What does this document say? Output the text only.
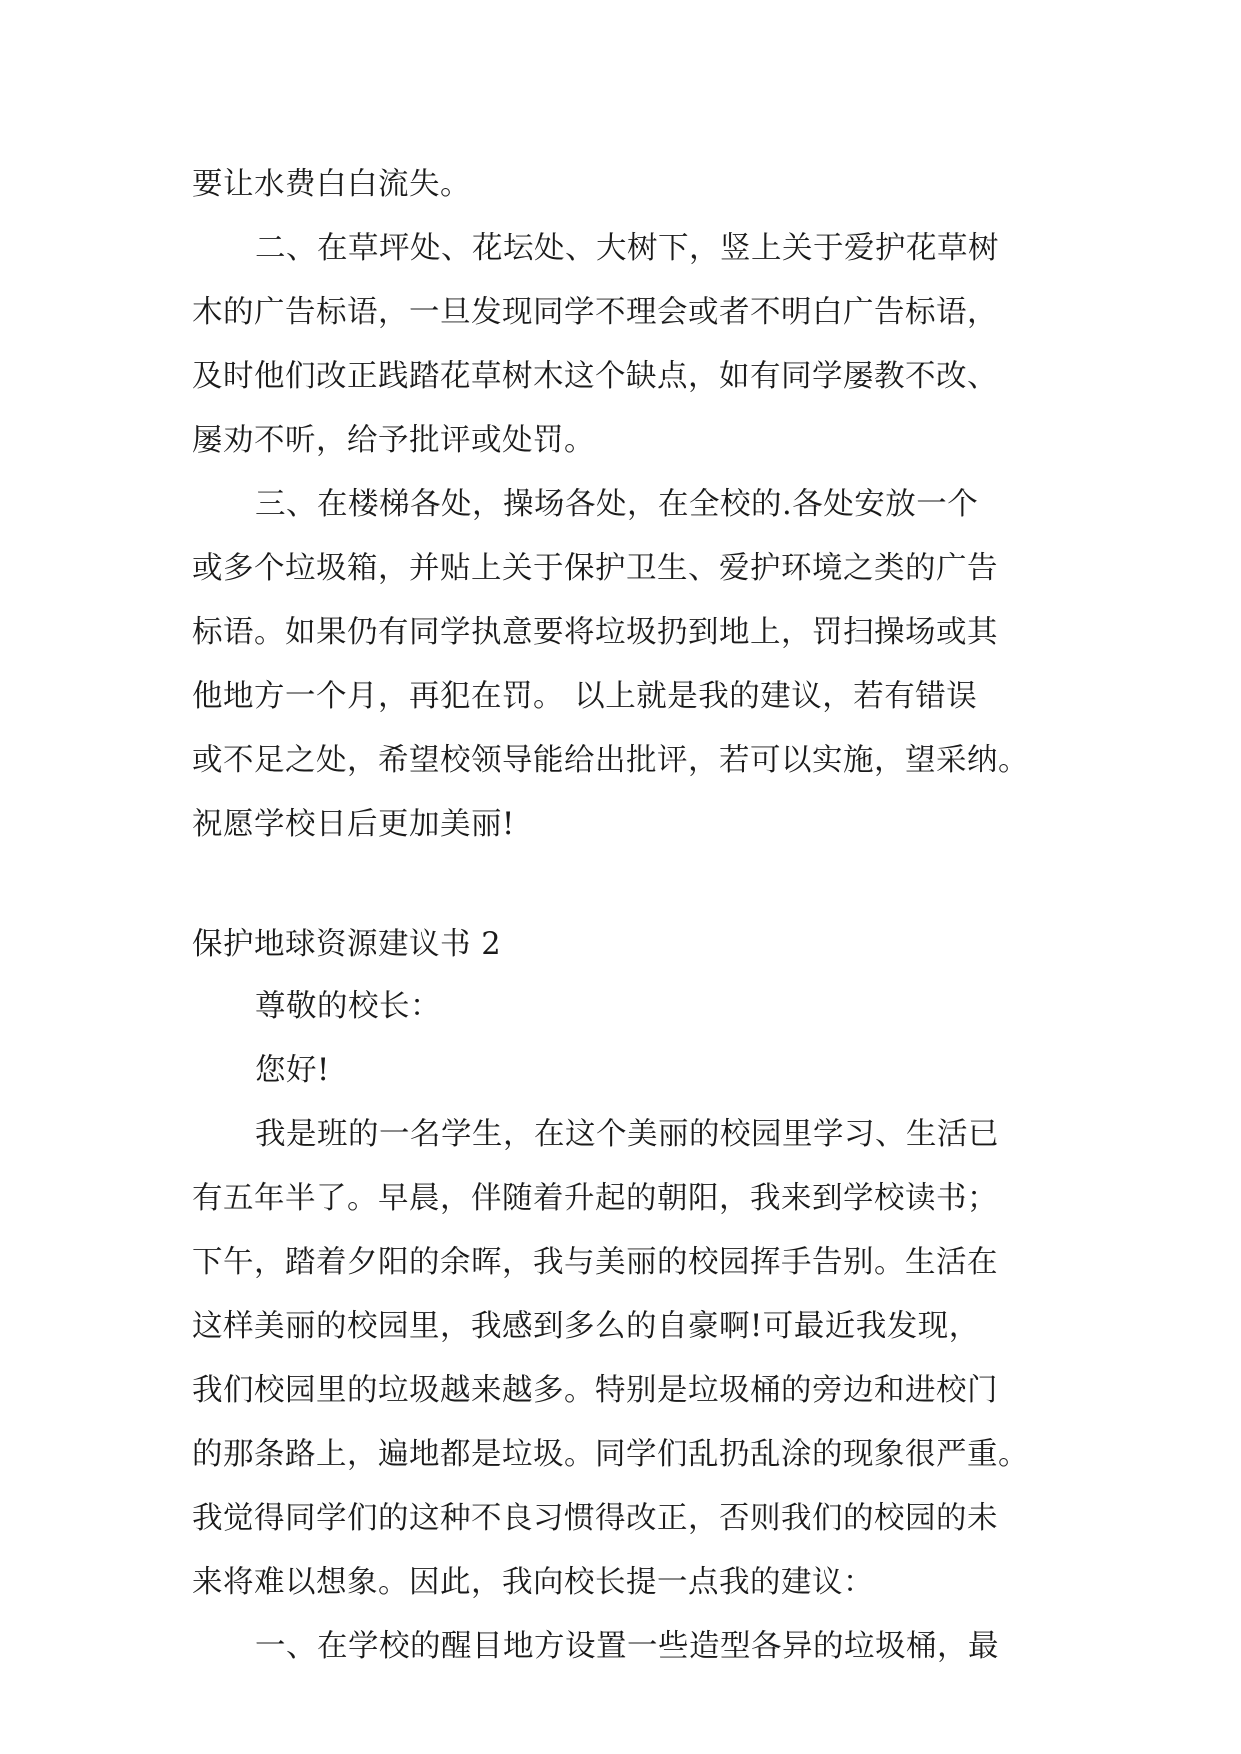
要让水费白白流失。
二、在草坪处、花坛处、大树下，竖上关于爱护花草树
木的广告标语，一旦发现同学不理会或者不明白广告标语，
及时他们改正践踏花草树木这个缺点，如有同学屡教不改、
屡劝不听，给予批评或处罚。
三、在楼梯各处，操场各处，在全校的.各处安放一个
或多个垃圾箱，并贴上关于保护卫生、爱护环境之类的广告
标语。如果仍有同学执意要将垃圾扔到地上，罚扫操场或其
他地方一个月，再犯在罚。 以上就是我的建议，若有错误
或不足之处，希望校领导能给出批评，若可以实施，望采纳。
祝愿学校日后更加美丽!
保护地球资源建议书 2
尊敬的校长：
您好!
我是班的一名学生，在这个美丽的校园里学习、生活已
有五年半了。早晨，伴随着升起的朝阳，我来到学校读书；
下午，踏着夕阳的余晖，我与美丽的校园挥手告别。生活在
这样美丽的校园里，我感到多么的自豪啊!可最近我发现，
我们校园里的垃圾越来越多。特别是垃圾桶的旁边和进校门
的那条路上，遍地都是垃圾。同学们乱扔乱涂的现象很严重。
我觉得同学们的这种不良习惯得改正，否则我们的校园的未
来将难以想象。因此，我向校长提一点我的建议：
一、在学校的醒目地方设置一些造型各异的垃圾桶，最
